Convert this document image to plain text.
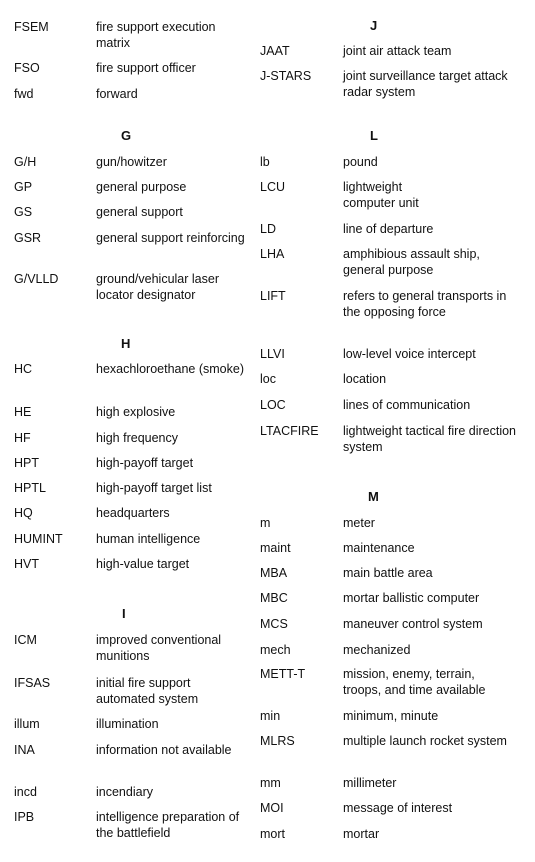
FSEM	fire support execution matrix
FSO	fire support officer
fwd	forward
G
G/H	gun/howitzer
GP	general purpose
GS	general support
GSR	general support reinforcing
G/VLLD	ground/vehicular laser locator designator
H
HC	hexachloroethane (smoke)
HE	high explosive
HF	high frequency
HPT	high-payoff target
HPTL	high-payoff target list
HQ	headquarters
HUMINT	human intelligence
HVT	high-value target
I
ICM	improved conventional munitions
IFSAS	initial fire support automated system
illum	illumination
INA	information not available
incd	incendiary
IPB	intelligence preparation of the battlefield
J
JAAT	joint air attack team
J-STARS	joint surveillance target attack radar system
L
lb	pound
LCU	lightweight computer unit
LD	line of departure
LHA	amphibious assault ship, general purpose
LIFT	refers to general transports in the opposing force
LLVI	low-level voice intercept
loc	location
LOC	lines of communication
LTACFIRE lightweight tactical fire direction system
M
m	meter
maint	maintenance
MBA	main battle area
MBC	mortar ballistic computer
MCS	maneuver control system
mech	mechanized
METT-T	mission, enemy, terrain, troops, and time available
min	minimum, minute
MLRS	multiple launch rocket system
mm	millimeter
MOI	message of interest
mort	mortar
